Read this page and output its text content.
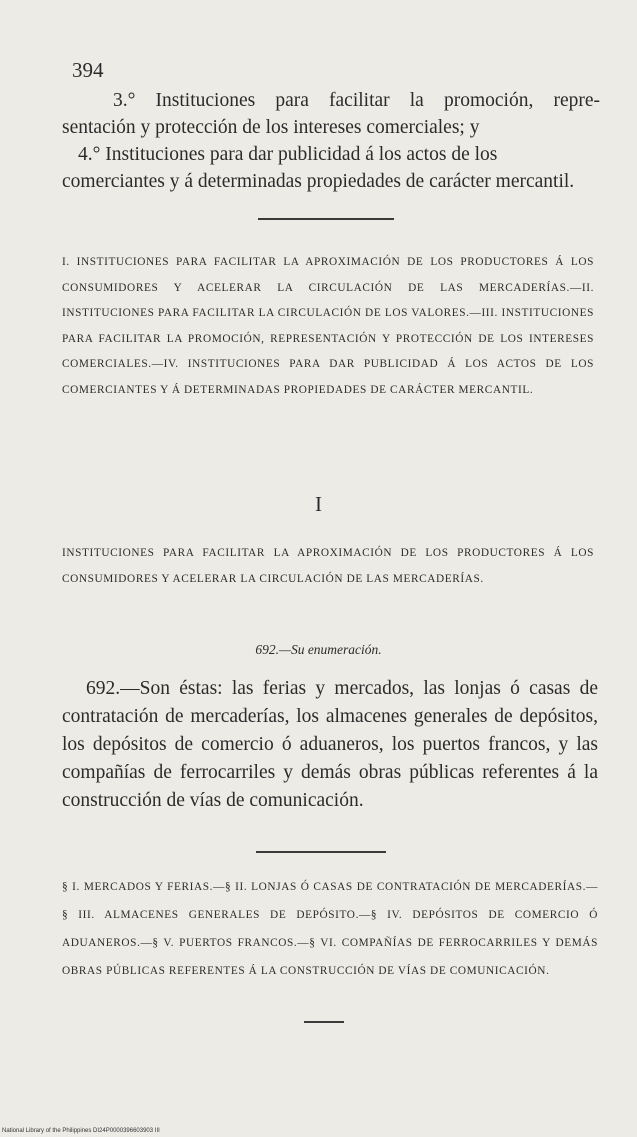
394
3.° Instituciones para facilitar la promoción, repre-
sentación y protección de los intereses comerciales; y
4.° Instituciones para dar publicidad á los actos de los comerciantes y á determinadas propiedades de carácter mercantil.
I. INSTITUCIONES PARA FACILITAR LA APROXIMACIÓN DE LOS PRODUCTORES Á LOS CONSUMIDORES Y ACELERAR LA CIRCULACIÓN DE LAS MERCADERÍAS.—II. INSTITUCIONES PARA FACILITAR LA CIRCULACIÓN DE LOS VALORES.—III. INSTITUCIONES PARA FACILITAR LA PROMOCIÓN, REPRESENTACIÓN Y PROTECCIÓN DE LOS INTERESES COMERCIALES.—IV. INSTITUCIONES PARA DAR PUBLICIDAD Á LOS ACTOS DE LOS COMERCIANTES Y Á DETERMINADAS PROPIEDADES DE CARÁCTER MERCANTIL.
I
INSTITUCIONES PARA FACILITAR LA APROXIMACIÓN DE LOS PRODUCTORES Á LOS CONSUMIDORES Y ACELERAR LA CIRCULACIÓN DE LAS MERCADERÍAS.
692.—Su enumeración.
692.—Son éstas: las ferias y mercados, las lonjas ó casas de contratación de mercaderías, los almacenes generales de depósitos, los depósitos de comercio ó aduaneros, los puertos francos, y las compañías de ferrocarriles y demás obras públicas referentes á la construcción de vías de comunicación.
§ I. MERCADOS Y FERIAS.—§ II. LONJAS Ó CASAS DE CONTRATACIÓN DE MERCADERÍAS.—§ III. ALMACENES GENERALES DE DEPÓSITO.—§ IV. DEPÓSITOS DE COMERCIO Ó ADUANEROS.—§ V. PUERTOS FRANCOS.—§ VI. COMPAÑÍAS DE FERROCARRILES Y DEMÁS OBRAS PÚBLICAS REFERENTES Á LA CONSTRUCCIÓN DE VÍAS DE COMUNICACIÓN.
National Library of the Philippines DI24P0000396603903 III
